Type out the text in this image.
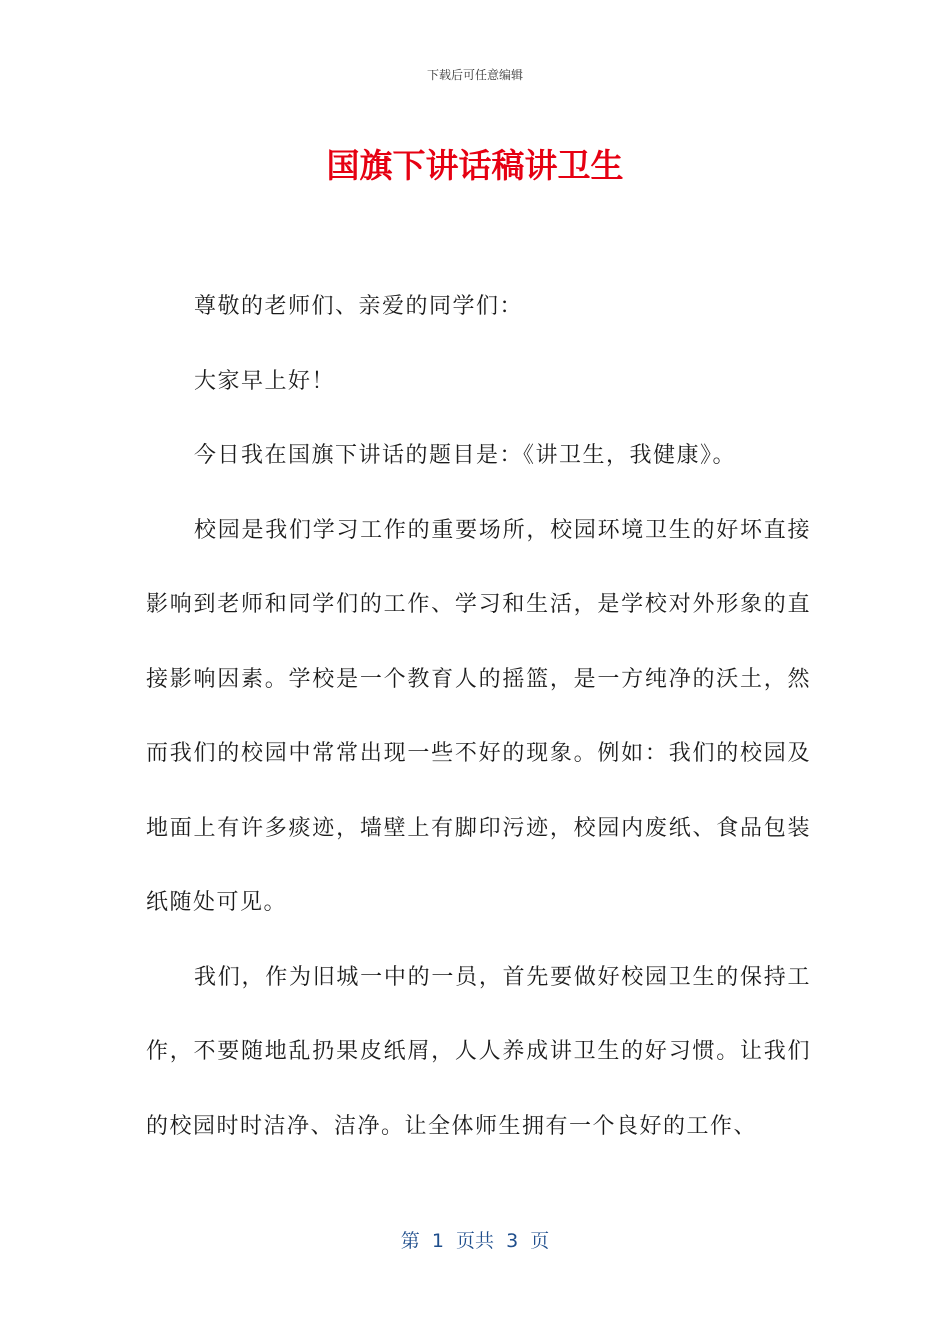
下载后可任意编辑
国旗下讲话稿讲卫生

尊敬的老师们、亲爱的同学们：

大家早上好！

今日我在国旗下讲话的题目是：《讲卫生，我健康》。

校园是我们学习工作的重要场所，校园环境卫生的好坏直接影响到老师和同学们的工作、学习和生活，是学校对外形象的直接影响因素。学校是一个教育人的摇篮，是一方纯净的沃土，然而我们的校园中常常出现一些不好的现象。例如：我们的校园及地面上有许多痰迹，墙壁上有脚印污迹，校园内废纸、食品包装纸随处可见。

我们，作为旧城一中的一员，首先要做好校园卫生的保持工作，不要随地乱扔果皮纸屑，人人养成讲卫生的好习惯。让我们的校园时时洁净、洁净。让全体师生拥有一个良好的工作、

第  1  页共  3  页
